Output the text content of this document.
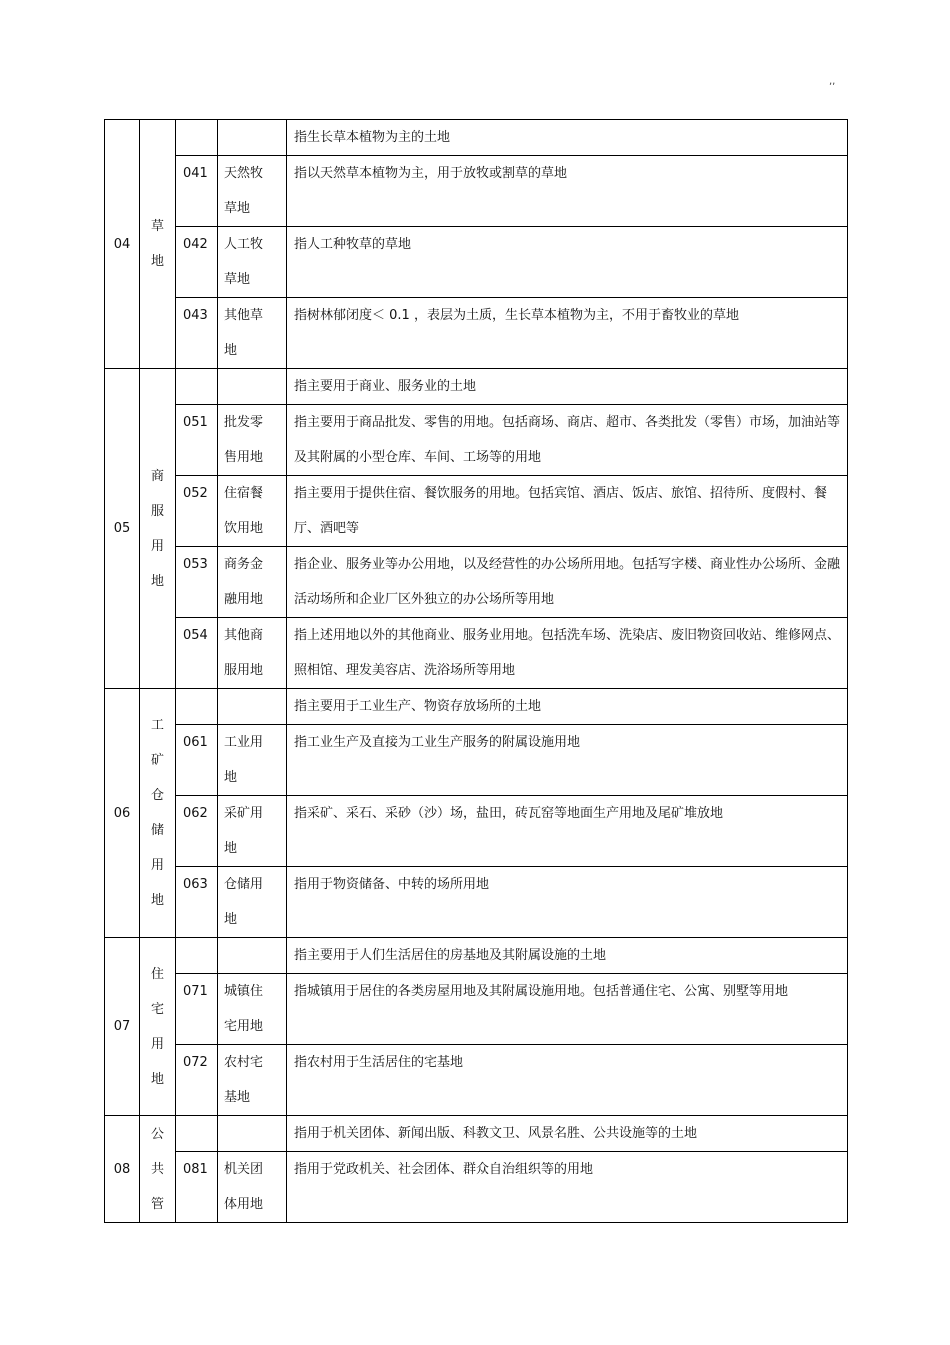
,,
04	草地			指生长草本植物为主的土地
		041	天然牧草地	指以天然草本植物为主，用于放牧或割草的草地
		042	人工牧草地	指人工种牧草的草地
		043	其他草地	指树林郁闭度＜ 0.1 ，表层为土质，生长草本植物为主，不用于畜牧业的草地
05	商服用地			指主要用于商业、服务业的土地
		051	批发零售用地	指主要用于商品批发、零售的用地。包括商场、商店、超市、各类批发（零售）市场，加油站等及其附属的小型仓库、车间、工场等的用地
		052	住宿餐饮用地	指主要用于提供住宿、餐饮服务的用地。包括宾馆、酒店、饭店、旅馆、招待所、度假村、餐厅、酒吧等
		053	商务金融用地	指企业、服务业等办公用地，以及经营性的办公场所用地。包括写字楼、商业性办公场所、金融活动场所和企业厂区外独立的办公场所等用地
		054	其他商服用地	指上述用地以外的其他商业、服务业用地。包括洗车场、洗染店、废旧物资回收站、维修网点、照相馆、理发美容店、洗浴场所等用地
06	工矿仓储用地			指主要用于工业生产、物资存放场所的土地
		061	工业用地	指工业生产及直接为工业生产服务的附属设施用地
		062	采矿用地	指采矿、采石、采砂（沙）场，盐田，砖瓦窑等地面生产用地及尾矿堆放地
		063	仓储用地	指用于物资储备、中转的场所用地
07	住宅用地			指主要用于人们生活居住的房基地及其附属设施的土地
		071	城镇住宅用地	指城镇用于居住的各类房屋用地及其附属设施用地。包括普通住宅、公寓、别墅等用地
		072	农村宅基地	指农村用于生活居住的宅基地
08	公共管			指用于机关团体、新闻出版、科教文卫、风景名胜、公共设施等的土地
		081	机关团体用地	指用于党政机关、社会团体、群众自治组织等的用地
